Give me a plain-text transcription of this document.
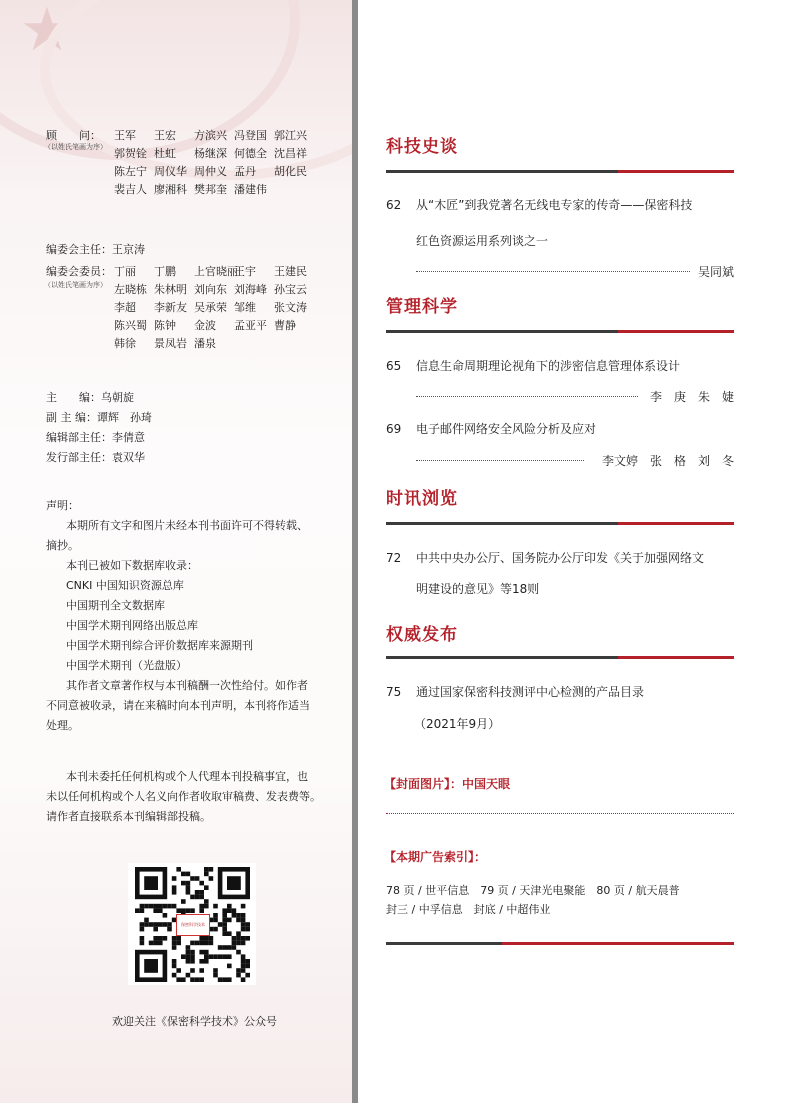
★
顾　　问：
（以姓氏笔画为序）
王军 王宏 方滨兴 冯登国 郭江兴
郭贺铨 杜虹 杨继深 何德全 沈昌祥
陈左宁 周仪华 周仲义 孟丹 胡化民
裴吉人 廖湘科 樊邦奎 潘建伟
编委会主任：王京涛
编委会委员：
（以姓氏笔画为序）
丁丽 丁鹏 上官晓丽王宇 王建民
左晓栋 朱林明 刘向东 刘海峰 孙宝云
李超 李新友 吴承荣 邹维 张文涛
陈兴蜀 陈钟 金波 孟亚平 曹静
韩徐 景凤岩 潘泉
主　　编：乌朝旋
副 主 编：谭辉　孙琦
编辑部主任：李倩意
发行部主任：袁双华
声明：
本期所有文字和图片未经本刊书面许可不得转载、
摘抄。
本刊已被如下数据库收录：
CNKI 中国知识资源总库
中国期刊全文数据库
中国学术期刊网络出版总库
中国学术期刊综合评价数据库来源期刊
中国学术期刊（光盘版）
其作者文章著作权与本刊稿酬一次性给付。如作者
不同意被收录，请在来稿时向本刊声明，本刊将作适当
处理。
本刊未委托任何机构或个人代理本刊投稿事宜，也
未以任何机构或个人名义向作者收取审稿费、发表费等。
请作者直接联系本刊编辑部投稿。
保密科学技术
欢迎关注《保密科学技术》公众号
科技史谈
62 从“木匠”到我党著名无线电专家的传奇——保密科技
红色资源运用系列谈之一
吴同斌
管理科学
65 信息生命周期理论视角下的涉密信息管理体系设计
李　庚　朱　婕
69 电子邮件网络安全风险分析及应对
李文婷　张　格　刘　冬
时讯浏览
72 中共中央办公厅、国务院办公厅印发《关于加强网络文
明建设的意见》等18则
权威发布
75 通过国家保密科技测评中心检测的产品目录
（2021年9月）
【封面图片】：中国天眼
【本期广告索引】：
78 页 / 世平信息　79 页 / 天津光电聚能　80 页 / 航天晨普
封三 / 中孚信息　封底 / 中超伟业
